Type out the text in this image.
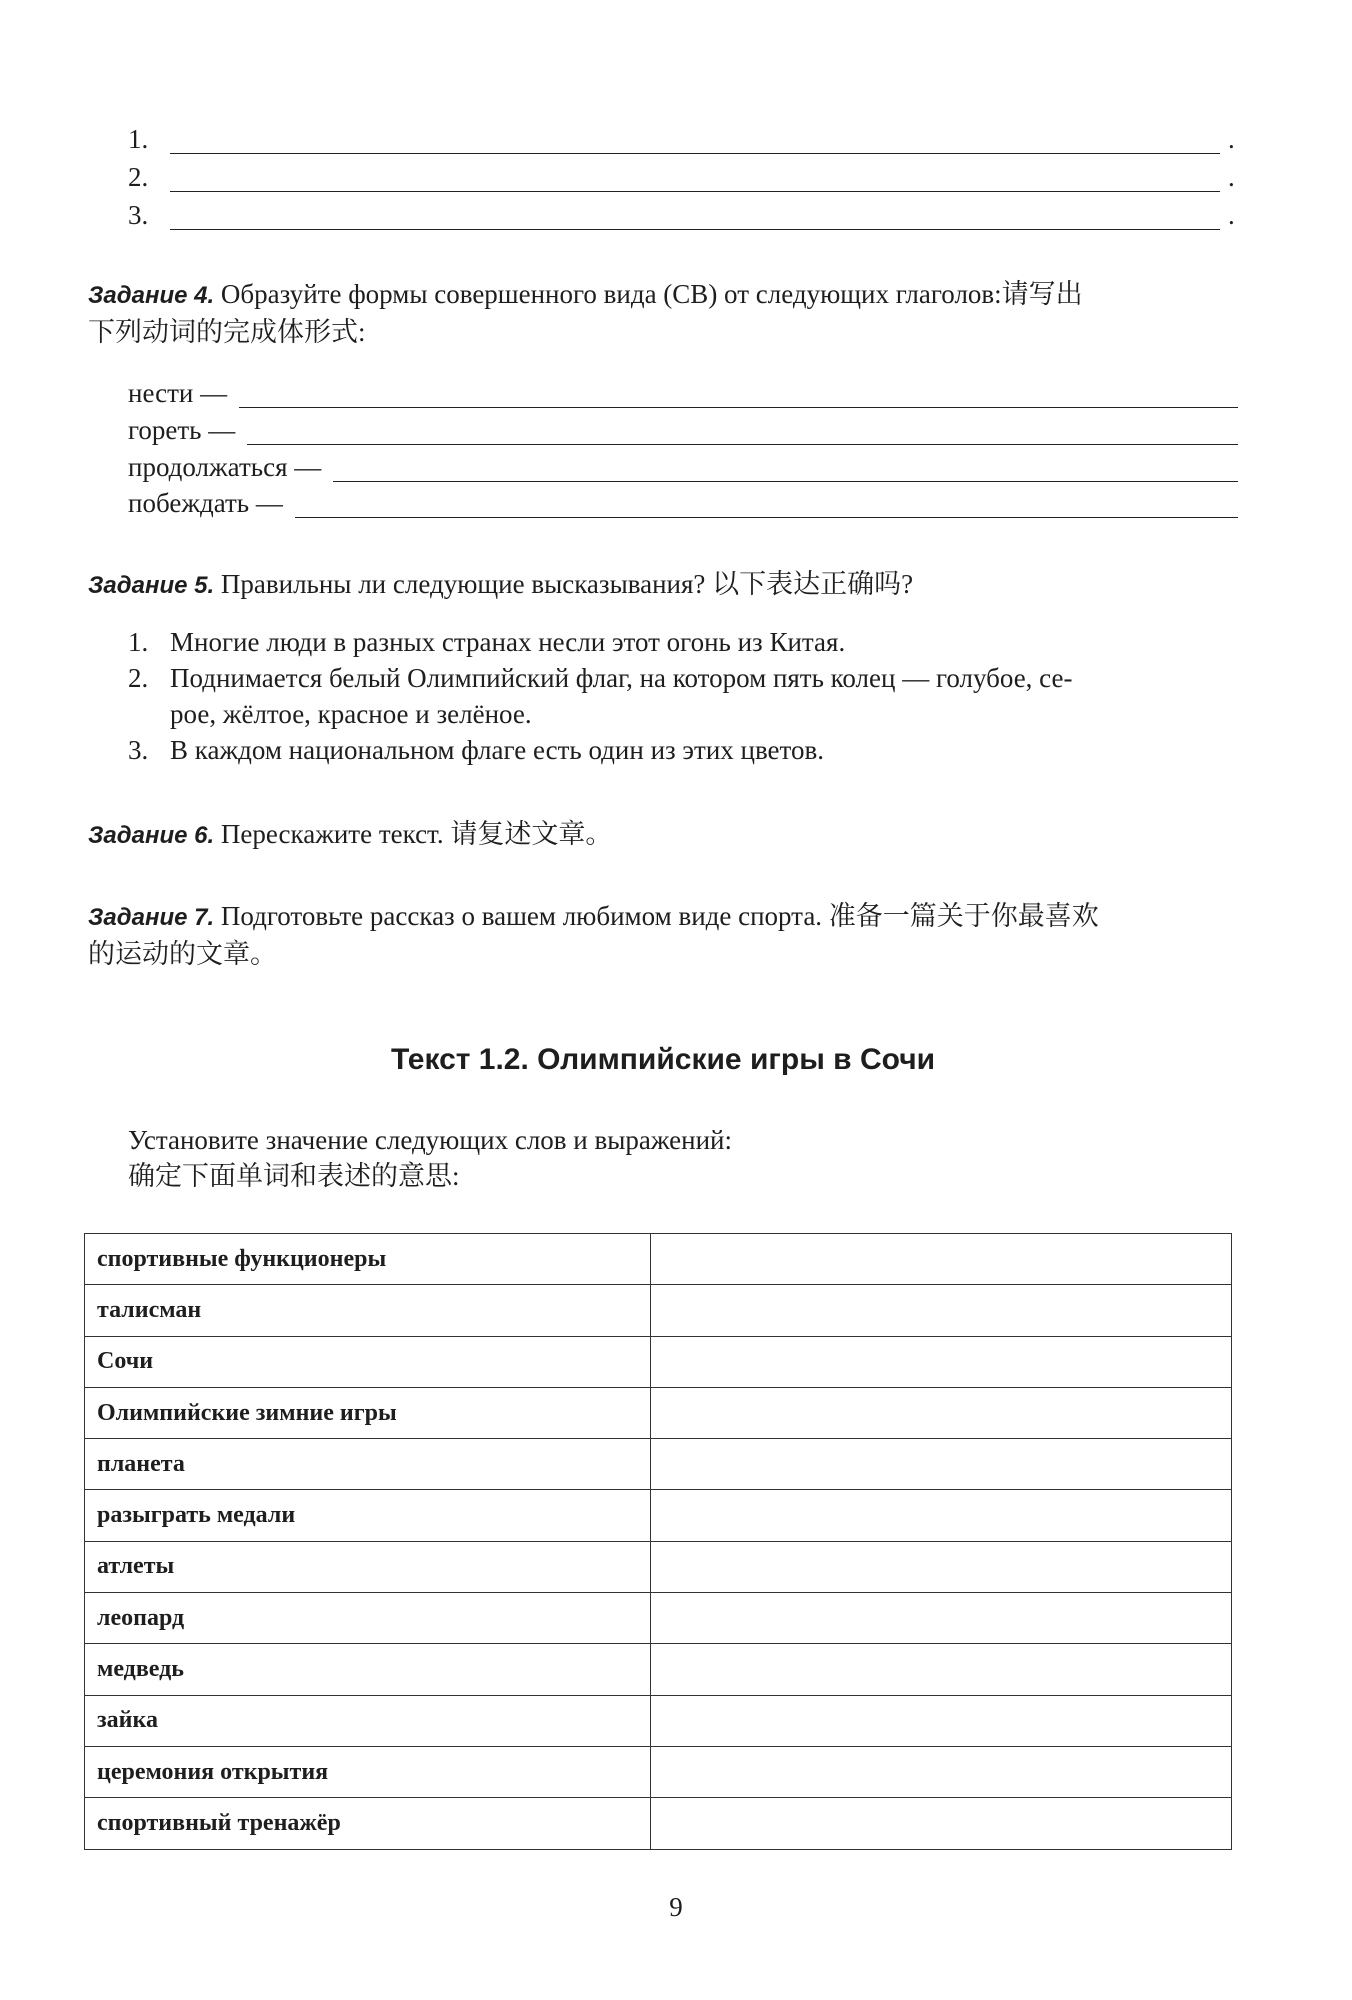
1.	.
2.	.
3.	.
Задание 4. Образуйте формы совершенного вида (СВ) от следующих глаголов:请写出
下列动词的完成体形式:
нести —
гореть —
продолжаться —
побеждать —
Задание 5. Правильны ли следующие высказывания? 以下表达正确吗?
1. Многие люди в разных странах несли этот огонь из Китая.
2. Поднимается белый Олимпийский флаг, на котором пять колец — голубое, се-
рое, жёлтое, красное и зелёное.
3. В каждом национальном флаге есть один из этих цветов.
Задание 6. Перескажите текст. 请复述文章。
Задание 7. Подготовьте рассказ о вашем любимом виде спорта. 准备一篇关于你最喜欢
的运动的文章。
Текст 1.2. Олимпийские игры в Сочи
Установите значение следующих слов и выражений:
确定下面单词和表述的意思:
спортивные функционеры	
талисман	
Сочи	
Олимпийские зимние игры	
планета	
разыграть медали	
атлеты	
леопард	
медведь	
зайка	
церемония открытия	
спортивный тренажёр	
9
